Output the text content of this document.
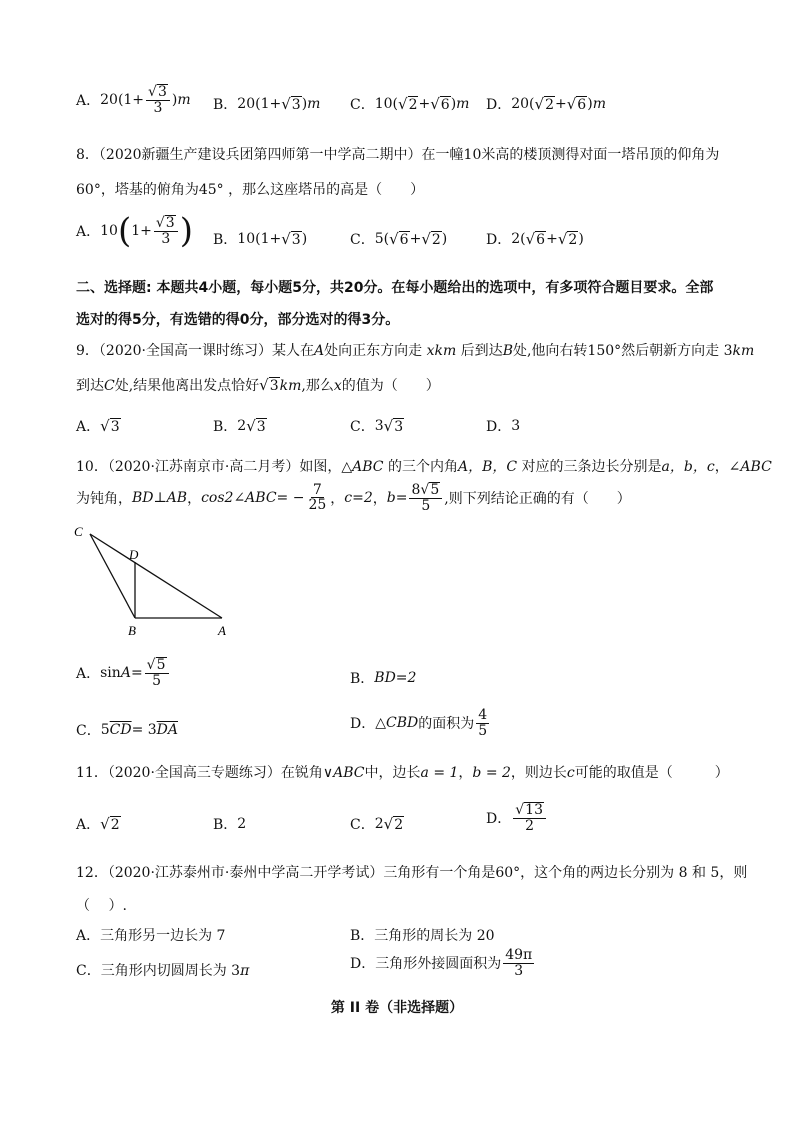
A． $20(1+ \frac{√3}{3}$ ) m B． 20(1+ √ 3 ) m C． 10( √ 2 + √ 6 ) m D． 20( √ 2 + √ 6 ) m
8．（2020新疆生产建设兵团第四师第一中学高二期中）在一幢10米高的楼顶测得对面一塔吊顶的仰角为
60°，塔基的俯角为45° ，那么这座塔吊的高是（　　）
A． 10 ( $1+ \frac{√3}{3}$ ) B． 10(1+ √ 3 )	C． 5( √ 6 + √ 2 )	D． 2( √ 6 + √ 2 )
二、选择题: 本题共4小题，每小题5分，共20分。在每小题给出的选项中，有多项符合题目要求。全部
选对的得5分，有选错的得0分，部分选对的得3分。
9．（2020·全国高一课时练习）某人在A处向正东方向走 xkm 后到达B处,他向右转150°然后朝新方向走 3km
到达C处,结果他离出发点恰好√3km,那么x的值为（　　）
A． √ 3	B． 2 √ 3	C． 3 √ 3	D． 3
10．（2020·江苏南京市·高二月考）如图，△ABC 的三个内角A，B，C 对应的三条边长分别是a，b，c，∠ABC
为钝角， BD⊥AB ， cos2∠ABC = − $\frac{7}{25}$ ， c=2 ， $b = \frac{8√5}{5}$ ,则下列结论正确的有（　　）
C
D
B	A
A． $\sin A = \frac{√5}{5}$	B． BD=2
C． 5 $\overline{CD} = 3$ $\overline{DA}$	D． △ CBD 的面积为 $\frac{4}{5}$
11．（2020·全国高三专题练习）在锐角∨ABC中，边长a = 1，b = 2，则边长c可能的取值是（　　　）
A． √ 2	B． 2	C． 2 √ 2	D． $\frac{√13}{2}$
12．（2020·江苏泰州市·泰州中学高二开学考试）三角形有一个角是60°，这个角的两边长分别为 8 和 5，则
（　 ）.
A．三角形另一边长为 7	B．三角形的周长为 20
C．三角形内切圆周长为 3π	D．三角形外接圆面积为 $\frac{49\pi}{3}$
第 II 卷（非选择题）
